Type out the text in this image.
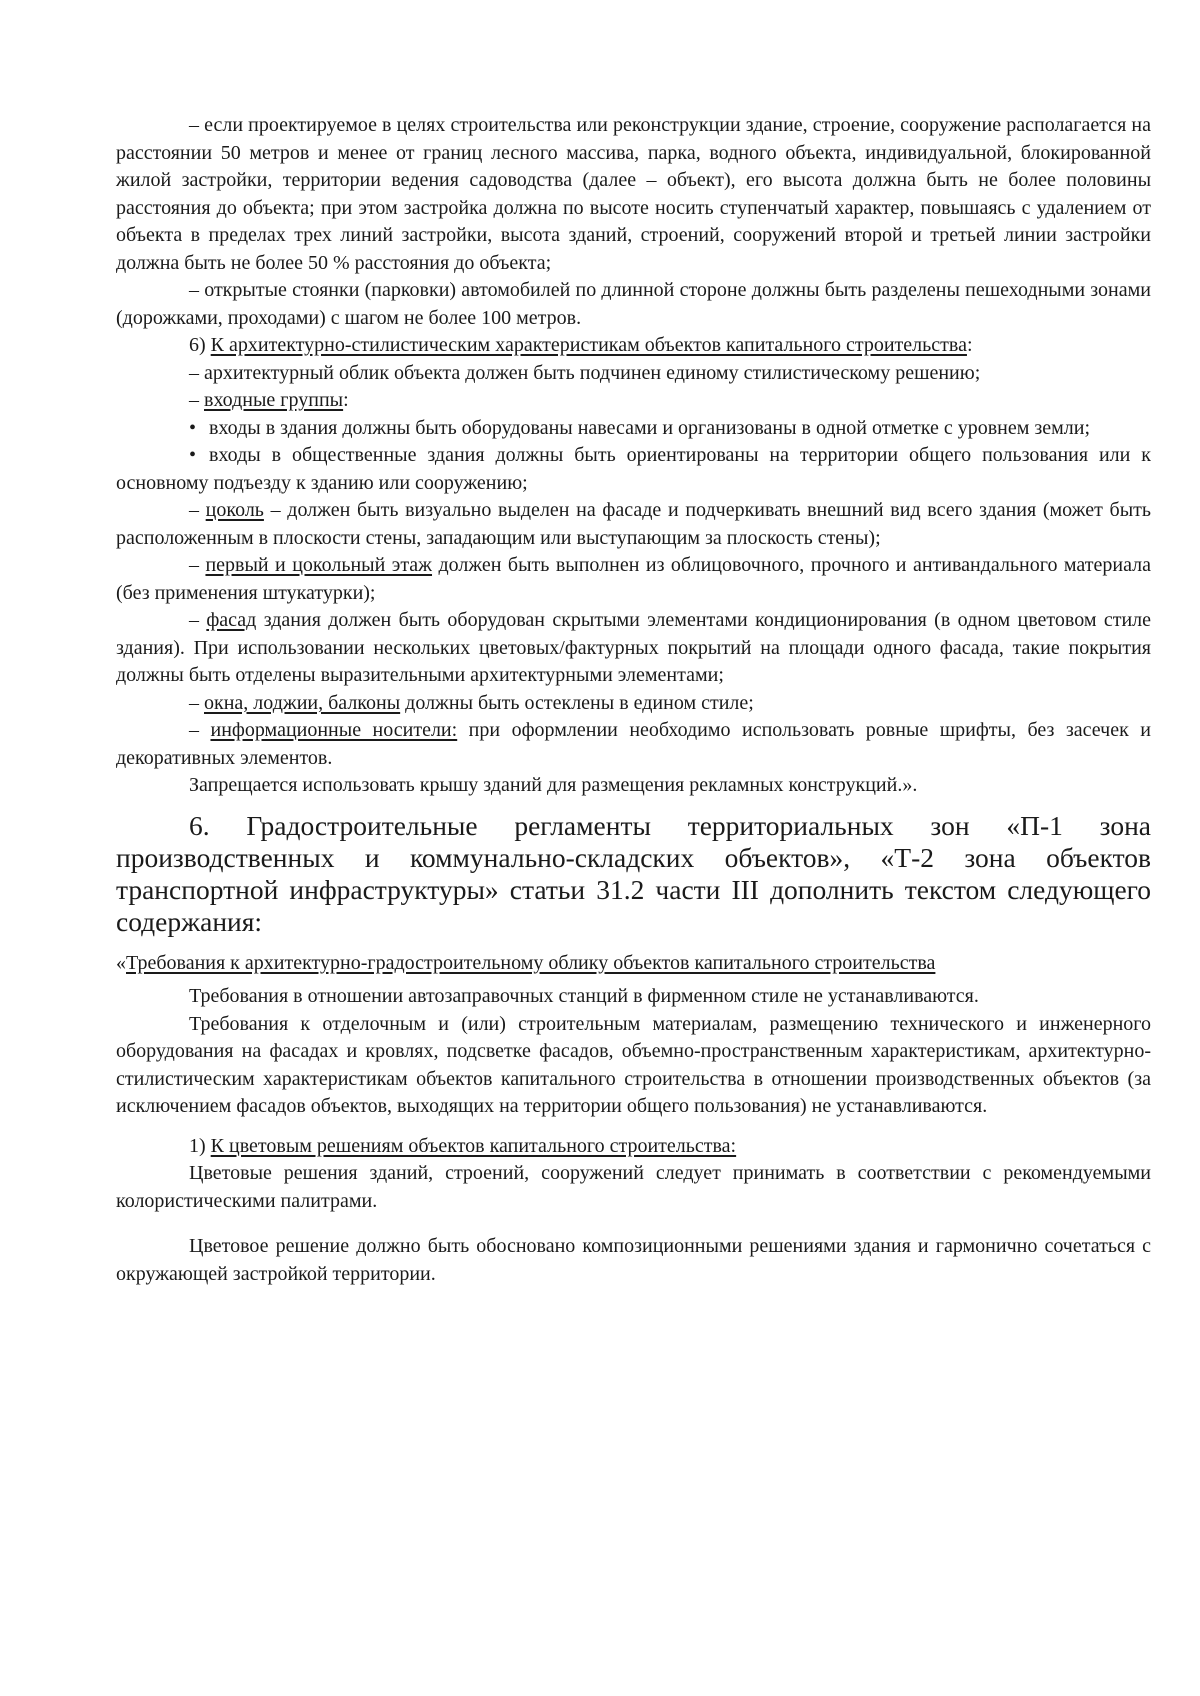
– если проектируемое в целях строительства или реконструкции здание, строение, сооружение располагается на расстоянии 50 метров и менее от границ лесного массива, парка, водного объекта, индивидуальной, блокированной жилой застройки, территории ведения садоводства (далее – объект), его высота должна быть не более половины расстояния до объекта; при этом застройка должна по высоте носить ступенчатый характер, повышаясь с удалением от объекта в пределах трех линий застройки, высота зданий, строений, сооружений второй и третьей линии застройки должна быть не более 50 % расстояния до объекта;

– открытые стоянки (парковки) автомобилей по длинной стороне должны быть разделены пешеходными зонами (дорожками, проходами) с шагом не более 100 метров.

6) К архитектурно-стилистическим характеристикам объектов капитального строительства:

– архитектурный облик объекта должен быть подчинен единому стилистическому решению;

– входные группы:

• входы в здания должны быть оборудованы навесами и организованы в одной отметке с уровнем земли;

• входы в общественные здания должны быть ориентированы на территории общего пользования или к основному подъезду к зданию или сооружению;

– цоколь – должен быть визуально выделен на фасаде и подчеркивать внешний вид всего здания (может быть расположенным в плоскости стены, западающим или выступающим за плоскость стены);

– первый и цокольный этаж должен быть выполнен из облицовочного, прочного и антивандального материала (без применения штукатурки);

– фасад здания должен быть оборудован скрытыми элементами кондиционирования (в одном цветовом стиле здания). При использовании нескольких цветовых/фактурных покрытий на площади одного фасада, такие покрытия должны быть отделены выразительными архитектурными элементами;

– окна, лоджии, балконы должны быть остеклены в едином стиле;

– информационные носители: при оформлении необходимо использовать ровные шрифты, без засечек и декоративных элементов.

Запрещается использовать крышу зданий для размещения рекламных конструкций.».

6. Градостроительные регламенты территориальных зон «П-1 зона производственных и коммунально-складских объектов», «Т-2 зона объектов транспортной инфраструктуры» статьи 31.2 части III дополнить текстом следующего содержания:

«Требования к архитектурно-градостроительному облику объектов капитального строительства

Требования в отношении автозаправочных станций в фирменном стиле не устанавливаются.

Требования к отделочным и (или) строительным материалам, размещению технического и инженерного оборудования на фасадах и кровлях, подсветке фасадов, объемно-пространственным характеристикам, архитектурно-стилистическим характеристикам объектов капитального строительства в отношении производственных объектов (за исключением фасадов объектов, выходящих на территории общего пользования) не устанавливаются.

1) К цветовым решениям объектов капитального строительства:

Цветовые решения зданий, строений, сооружений следует принимать в соответствии с рекомендуемыми колористическими палитрами.

Цветовое решение должно быть обосновано композиционными решениями здания и гармонично сочетаться с окружающей застройкой территории.
